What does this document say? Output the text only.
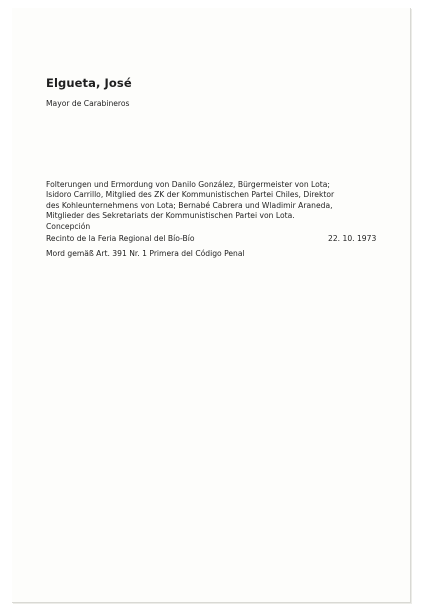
Elgueta, José
Mayor de Carabineros
Folterungen und Ermordung von Danilo González, Bürgermeister von Lota;
Isidoro Carrillo, Mitglied des ZK der Kommunistischen Partei Chiles, Direktor
des Kohleunternehmens von Lota; Bernabé Cabrera und Wladimir Araneda,
Mitglieder des Sekretariats der Kommunistischen Partei von Lota.
Concepción
Recinto de la Feria Regional del Bío-Bío	22. 10. 1973
Mord gemäß Art. 391 Nr. 1 Primera del Código Penal
